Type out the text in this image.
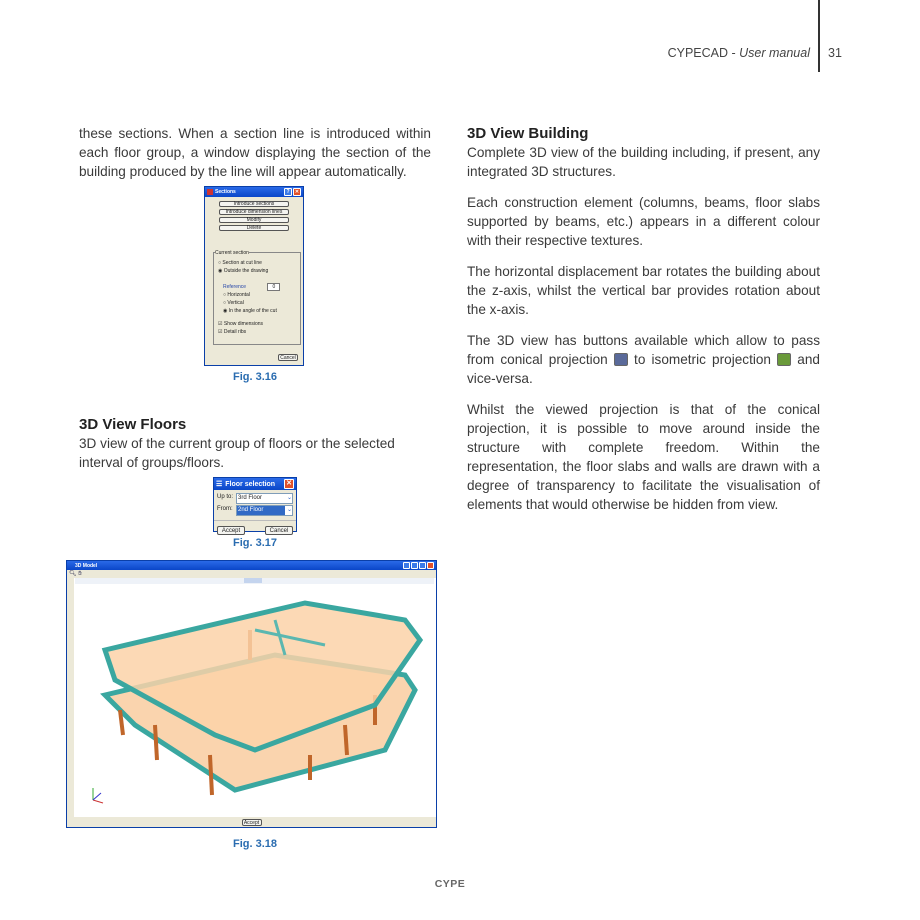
CYPECAD - User manual 31
these sections. When a section line is introduced within each floor group, a window displaying the section of the building produced by the line will appear automatically.
Sections	?	✕
Introduce sections
Introduce dimension lines
Modify
Delete
Current section
○ Section at cut line
◉ Outside the drawing
Reference	0
○ Horizontal
○ Vertical
◉ In the angle of the cut
☑ Show dimensions
☑ Detail ribs
Cancel
Fig. 3.16
3D View Floors
3D view of the current group of floors or the selected interval of groups/floors.
☰ Floor selection ✕
Up to: 3rd Floor	⌄
From: 2nd Floor	⌄
Accept	Cancel
Fig. 3.17
3D Model
🔍︎ ✋︎
Accept
Fig. 3.18
3D View Building

Complete 3D view of the building including, if present, any integrated 3D structures.

Each construction element (columns, beams, floor slabs supported by beams, etc.) appears in a different colour with their respective textures.

The horizontal displacement bar rotates the building about the z-axis, whilst the vertical bar provides rotation about the x-axis.

The 3D view has buttons available which allow to pass from conical projection  to isometric projection  and vice-versa.

Whilst the viewed projection is that of the conical projection, it is possible to move around inside the structure with complete freedom. Within the representation, the floor slabs and walls are drawn with a degree of transparency to facilitate the visualisation of elements that would otherwise be hidden from view.

CYPE
